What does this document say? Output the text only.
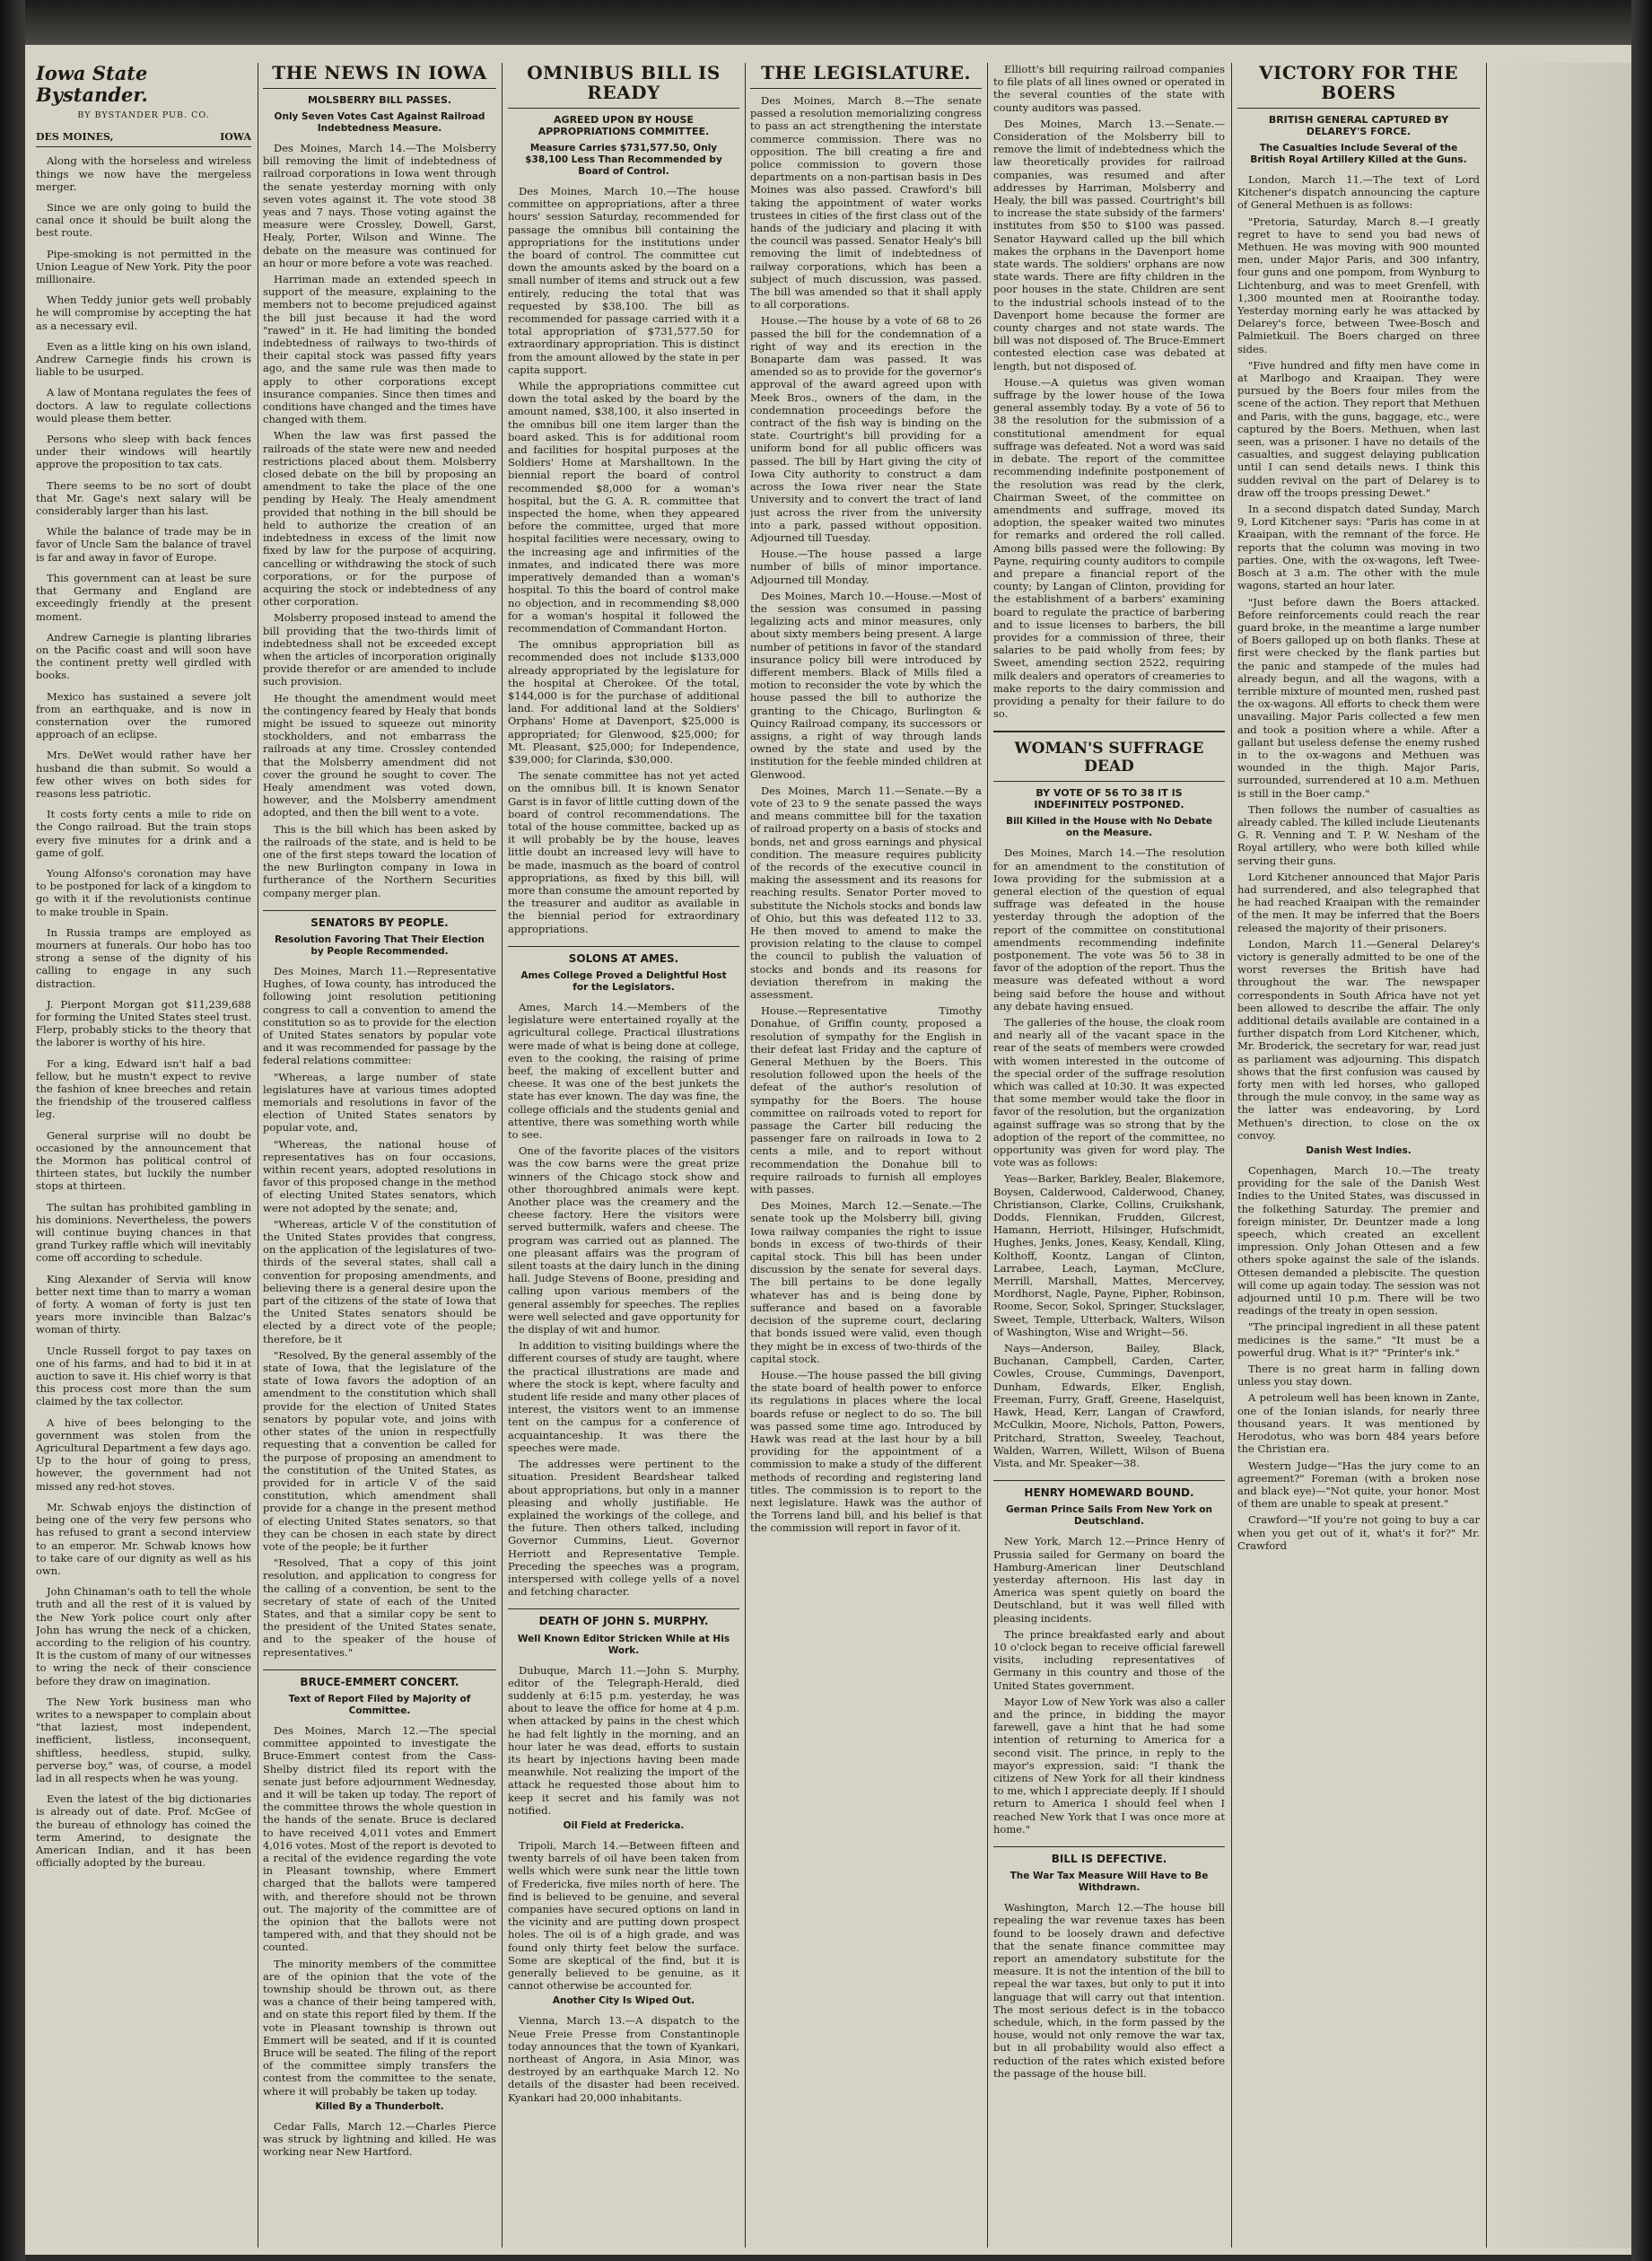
Iowa State Bystander.
BY BYSTANDER PUB. CO.
DES MOINES,	IOWA

Along with the horseless and wireless things we now have the mergeless merger.

Since we are only going to build the canal once it should be built along the best route.

Pipe-smoking is not permitted in the Union League of New York. Pity the poor millionaire.

When Teddy junior gets well probably he will compromise by accepting the hat as a necessary evil.

Even as a little king on his own island, Andrew Carnegie finds his crown is liable to be usurped.

A law of Montana regulates the fees of doctors. A law to regulate collections would please them better.

Persons who sleep with back fences under their windows will heartily approve the proposition to tax cats.

There seems to be no sort of doubt that Mr. Gage's next salary will be considerably larger than his last.

While the balance of trade may be in favor of Uncle Sam the balance of travel is far and away in favor of Europe.

This government can at least be sure that Germany and England are exceedingly friendly at the present moment.

Andrew Carnegie is planting libraries on the Pacific coast and will soon have the continent pretty well girdled with books.

Mexico has sustained a severe jolt from an earthquake, and is now in consternation over the rumored approach of an eclipse.

Mrs. DeWet would rather have her husband die than submit. So would a few other wives on both sides for reasons less patriotic.

It costs forty cents a mile to ride on the Congo railroad. But the train stops every five minutes for a drink and a game of golf.

Young Alfonso's coronation may have to be postponed for lack of a kingdom to go with it if the revolutionists continue to make trouble in Spain.

In Russia tramps are employed as mourners at funerals. Our hobo has too strong a sense of the dignity of his calling to engage in any such distraction.

J. Pierpont Morgan got $11,239,688 for forming the United States steel trust. Flerp, probably sticks to the theory that the laborer is worthy of his hire.

For a king, Edward isn't half a bad fellow, but he mustn't expect to revive the fashion of knee breeches and retain the friendship of the trousered calfless leg.

General surprise will no doubt be occasioned by the announcement that the Mormon has political control of thirteen states, but luckily the number stops at thirteen.

The sultan has prohibited gambling in his dominions. Nevertheless, the powers will continue buying chances in that grand Turkey raffle which will inevitably come off according to schedule.

King Alexander of Servia will know better next time than to marry a woman of forty. A woman of forty is just ten years more invincible than Balzac's woman of thirty.

Uncle Russell forgot to pay taxes on one of his farms, and had to bid it in at auction to save it. His chief worry is that this process cost more than the sum claimed by the tax collector.

A hive of bees belonging to the government was stolen from the Agricultural Department a few days ago. Up to the hour of going to press, however, the government had not missed any red-hot stoves.

Mr. Schwab enjoys the distinction of being one of the very few persons who has refused to grant a second interview to an emperor. Mr. Schwab knows how to take care of our dignity as well as his own.

John Chinaman's oath to tell the whole truth and all the rest of it is valued by the New York police court only after John has wrung the neck of a chicken, according to the religion of his country. It is the custom of many of our witnesses to wring the neck of their conscience before they draw on imagination.

The New York business man who writes to a newspaper to complain about "that laziest, most independent, inefficient, listless, inconsequent, shiftless, heedless, stupid, sulky, perverse boy," was, of course, a model lad in all respects when he was young.

Even the latest of the big dictionaries is already out of date. Prof. McGee of the bureau of ethnology has coined the term Amerind, to designate the American Indian, and it has been officially adopted by the bureau.

THE NEWS IN IOWA
MOLSBERRY BILL PASSES.
Only Seven Votes Cast Against Railroad Indebtedness Measure.

Des Moines, March 14.—The Molsberry bill removing the limit of indebtedness of railroad corporations in Iowa went through the senate yesterday morning with only seven votes against it. The vote stood 38 yeas and 7 nays. Those voting against the measure were Crossley, Dowell, Garst, Healy, Porter, Wilson and Winne. The debate on the measure was continued for an hour or more before a vote was reached.

Harriman made an extended speech in support of the measure, explaining to the members not to become prejudiced against the bill just because it had the word "rawed" in it. He had limiting the bonded indebtedness of railways to two-thirds of their capital stock was passed fifty years ago, and the same rule was then made to apply to other corporations except insurance companies. Since then times and conditions have changed and the times have changed with them.

When the law was first passed the railroads of the state were new and needed restrictions placed about them. Molsberry closed debate on the bill by proposing an amendment to take the place of the one pending by Healy. The Healy amendment provided that nothing in the bill should be held to authorize the creation of an indebtedness in excess of the limit now fixed by law for the purpose of acquiring, cancelling or withdrawing the stock of such corporations, or for the purpose of acquiring the stock or indebtedness of any other corporation.

Molsberry proposed instead to amend the bill providing that the two-thirds limit of indebtedness shall not be exceeded except when the articles of incorporation originally provide therefor or are amended to include such provision.

He thought the amendment would meet the contingency feared by Healy that bonds might be issued to squeeze out minority stockholders, and not embarrass the railroads at any time. Crossley contended that the Molsberry amendment did not cover the ground he sought to cover. The Healy amendment was voted down, however, and the Molsberry amendment adopted, and then the bill went to a vote.

This is the bill which has been asked by the railroads of the state, and is held to be one of the first steps toward the location of the new Burlington company in Iowa in furtherance of the Northern Securities company merger plan.

SENATORS BY PEOPLE.
Resolution Favoring That Their Election by People Recommended.

Des Moines, March 11.—Representative Hughes, of Iowa county, has introduced the following joint resolution petitioning congress to call a convention to amend the constitution so as to provide for the election of United States senators by popular vote and it was recommended for passage by the federal relations committee:

"Whereas, a large number of state legislatures have at various times adopted memorials and resolutions in favor of the election of United States senators by popular vote, and,

"Whereas, the national house of representatives has on four occasions, within recent years, adopted resolutions in favor of this proposed change in the method of electing United States senators, which were not adopted by the senate; and,

"Whereas, article V of the constitution of the United States provides that congress, on the application of the legislatures of two-thirds of the several states, shall call a convention for proposing amendments, and believing there is a general desire upon the part of the citizens of the state of Iowa that the United States senators should be elected by a direct vote of the people; therefore, be it

"Resolved, By the general assembly of the state of Iowa, that the legislature of the state of Iowa favors the adoption of an amendment to the constitution which shall provide for the election of United States senators by popular vote, and joins with other states of the union in respectfully requesting that a convention be called for the purpose of proposing an amendment to the constitution of the United States, as provided for in article V of the said constitution, which amendment shall provide for a change in the present method of electing United States senators, so that they can be chosen in each state by direct vote of the people; be it further

"Resolved, That a copy of this joint resolution, and application to congress for the calling of a convention, be sent to the secretary of state of each of the United States, and that a similar copy be sent to the president of the United States senate, and to the speaker of the house of representatives."

BRUCE-EMMERT CONCERT.
Text of Report Filed by Majority of Committee.

Des Moines, March 12.—The special committee appointed to investigate the Bruce-Emmert contest from the Cass-Shelby district filed its report with the senate just before adjournment Wednesday, and it will be taken up today. The report of the committee throws the whole question in the hands of the senate. Bruce is declared to have received 4,011 votes and Emmert 4,016 votes. Most of the report is devoted to a recital of the evidence regarding the vote in Pleasant township, where Emmert charged that the ballots were tampered with, and therefore should not be thrown out. The majority of the committee are of the opinion that the ballots were not tampered with, and that they should not be counted.

The minority members of the committee are of the opinion that the vote of the township should be thrown out, as there was a chance of their being tampered with, and on state this report filed by them. If the vote in Pleasant township is thrown out Emmert will be seated, and if it is counted Bruce will be seated. The filing of the report of the committee simply transfers the contest from the committee to the senate, where it will probably be taken up today.

Killed By a Thunderbolt.

Cedar Falls, March 12.—Charles Pierce was struck by lightning and killed. He was working near New Hartford.

OMNIBUS BILL IS READY
AGREED UPON BY HOUSE APPROPRIATIONS COMMITTEE.
Measure Carries $731,577.50, Only $38,100 Less Than Recommended by Board of Control.

Des Moines, March 10.—The house committee on appropriations, after a three hours' session Saturday, recommended for passage the omnibus bill containing the appropriations for the institutions under the board of control. The committee cut down the amounts asked by the board on a small number of items and struck out a few entirely, reducing the total that was requested by $38,100. The bill as recommended for passage carried with it a total appropriation of $731,577.50 for extraordinary appropriation. This is distinct from the amount allowed by the state in per capita support.

While the appropriations committee cut down the total asked by the board by the amount named, $38,100, it also inserted in the omnibus bill one item larger than the board asked. This is for additional room and facilities for hospital purposes at the Soldiers' Home at Marshalltown. In the biennial report the board of control recommended $8,000 for a woman's hospital, but the G. A. R. committee that inspected the home, when they appeared before the committee, urged that more hospital facilities were necessary, owing to the increasing age and infirmities of the inmates, and indicated there was more imperatively demanded than a woman's hospital. To this the board of control make no objection, and in recommending $8,000 for a woman's hospital it followed the recommendation of Commandant Horton.

The omnibus appropriation bill as recommended does not include $133,000 already appropriated by the legislature for the hospital at Cherokee. Of the total, $144,000 is for the purchase of additional land. For additional land at the Soldiers' Orphans' Home at Davenport, $25,000 is appropriated; for Glenwood, $25,000; for Mt. Pleasant, $25,000; for Independence, $39,000; for Clarinda, $30,000.

The senate committee has not yet acted on the omnibus bill. It is known Senator Garst is in favor of little cutting down of the board of control recommendations. The total of the house committee, backed up as it will probably be by the house, leaves little doubt an increased levy will have to be made, inasmuch as the board of control appropriations, as fixed by this bill, will more than consume the amount reported by the treasurer and auditor as available in the biennial period for extraordinary appropriations.

SOLONS AT AMES.
Ames College Proved a Delightful Host for the Legislators.

Ames, March 14.—Members of the legislature were entertained royally at the agricultural college. Practical illustrations were made of what is being done at college, even to the cooking, the raising of prime beef, the making of excellent butter and cheese. It was one of the best junkets the state has ever known. The day was fine, the college officials and the students genial and attentive, there was something worth while to see.

One of the favorite places of the visitors was the cow barns were the great prize winners of the Chicago stock show and other thoroughbred animals were kept. Another place was the creamery and the cheese factory. Here the visitors were served buttermilk, wafers and cheese. The program was carried out as planned. The one pleasant affairs was the program of silent toasts at the dairy lunch in the dining hall. Judge Stevens of Boone, presiding and calling upon various members of the general assembly for speeches. The replies were well selected and gave opportunity for the display of wit and humor.

In addition to visiting buildings where the different courses of study are taught, where the practical illustrations are made and where the stock is kept, where faculty and student life reside and many other places of interest, the visitors went to an immense tent on the campus for a conference of acquaintanceship. It was there the speeches were made.

The addresses were pertinent to the situation. President Beardshear talked about appropriations, but only in a manner pleasing and wholly justifiable. He explained the workings of the college, and the future. Then others talked, including Governor Cummins, Lieut. Governor Herriott and Representative Temple. Preceding the speeches was a program, interspersed with college yells of a novel and fetching character.

DEATH OF JOHN S. MURPHY.
Well Known Editor Stricken While at His Work.

Dubuque, March 11.—John S. Murphy, editor of the Telegraph-Herald, died suddenly at 6:15 p.m. yesterday, he was about to leave the office for home at 4 p.m. when attacked by pains in the chest which he had felt lightly in the morning, and an hour later he was dead, efforts to sustain its heart by injections having been made meanwhile. Not realizing the import of the attack he requested those about him to keep it secret and his family was not notified.

Oil Field at Fredericka.

Tripoli, March 14.—Between fifteen and twenty barrels of oil have been taken from wells which were sunk near the little town of Fredericka, five miles north of here. The find is believed to be genuine, and several companies have secured options on land in the vicinity and are putting down prospect holes. The oil is of a high grade, and was found only thirty feet below the surface. Some are skeptical of the find, but it is generally believed to be genuine, as it cannot otherwise be accounted for.

Another City Is Wiped Out.

Vienna, March 13.—A dispatch to the Neue Freie Presse from Constantinople today announces that the town of Kyankari, northeast of Angora, in Asia Minor, was destroyed by an earthquake March 12. No details of the disaster had been received. Kyankari had 20,000 inhabitants.

THE LEGISLATURE.

Des Moines, March 8.—The senate passed a resolution memorializing congress to pass an act strengthening the interstate commerce commission. There was no opposition. The bill creating a fire and police commission to govern those departments on a non-partisan basis in Des Moines was also passed. Crawford's bill taking the appointment of water works trustees in cities of the first class out of the hands of the judiciary and placing it with the council was passed. Senator Healy's bill removing the limit of indebtedness of railway corporations, which has been a subject of much discussion, was passed. The bill was amended so that it shall apply to all corporations.

House.—The house by a vote of 68 to 26 passed the bill for the condemnation of a right of way and its erection in the Bonaparte dam was passed. It was amended so as to provide for the governor's approval of the award agreed upon with Meek Bros., owners of the dam, in the condemnation proceedings before the contract of the fish way is binding on the state. Courtright's bill providing for a uniform bond for all public officers was passed. The bill by Hart giving the city of Iowa City authority to construct a dam across the Iowa river near the State University and to convert the tract of land just across the river from the university into a park, passed without opposition. Adjourned till Tuesday.

House.—The house passed a large number of bills of minor importance. Adjourned till Monday.

Des Moines, March 10.—House.—Most of the session was consumed in passing legalizing acts and minor measures, only about sixty members being present. A large number of petitions in favor of the standard insurance policy bill were introduced by different members. Black of Mills filed a motion to reconsider the vote by which the house passed the bill to authorize the granting to the Chicago, Burlington & Quincy Railroad company, its successors or assigns, a right of way through lands owned by the state and used by the institution for the feeble minded children at Glenwood.

Des Moines, March 11.—Senate.—By a vote of 23 to 9 the senate passed the ways and means committee bill for the taxation of railroad property on a basis of stocks and bonds, net and gross earnings and physical condition. The measure requires publicity of the records of the executive council in making the assessment and its reasons for reaching results. Senator Porter moved to substitute the Nichols stocks and bonds law of Ohio, but this was defeated 112 to 33. He then moved to amend to make the provision relating to the clause to compel the council to publish the valuation of stocks and bonds and its reasons for deviation therefrom in making the assessment.

House.—Representative Timothy Donahue, of Griffin county, proposed a resolution of sympathy for the English in their defeat last Friday and the capture of General Methuen by the Boers. This resolution followed upon the heels of the defeat of the author's resolution of sympathy for the Boers. The house committee on railroads voted to report for passage the Carter bill reducing the passenger fare on railroads in Iowa to 2 cents a mile, and to report without recommendation the Donahue bill to require railroads to furnish all employes with passes.

Des Moines, March 12.—Senate.—The senate took up the Molsberry bill, giving Iowa railway companies the right to issue bonds in excess of two-thirds of their capital stock. This bill has been under discussion by the senate for several days. The bill pertains to be done legally whatever has and is being done by sufferance and based on a favorable decision of the supreme court, declaring that bonds issued were valid, even though they might be in excess of two-thirds of the capital stock.

House.—The house passed the bill giving the state board of health power to enforce its regulations in places where the local boards refuse or neglect to do so. The bill was passed some time ago. Introduced by Hawk was read at the last hour by a bill providing for the appointment of a commission to make a study of the different methods of recording and registering land titles. The commission is to report to the next legislature. Hawk was the author of the Torrens land bill, and his belief is that the commission will report in favor of it.

Elliott's bill requiring railroad companies to file plats of all lines owned or operated in the several counties of the state with county auditors was passed.

Des Moines, March 13.—Senate.—Consideration of the Molsberry bill to remove the limit of indebtedness which the law theoretically provides for railroad companies, was resumed and after addresses by Harriman, Molsberry and Healy, the bill was passed. Courtright's bill to increase the state subsidy of the farmers' institutes from $50 to $100 was passed. Senator Hayward called up the bill which makes the orphans in the Davenport home state wards. The soldiers' orphans are now state wards. There are fifty children in the poor houses in the state. Children are sent to the industrial schools instead of to the Davenport home because the former are county charges and not state wards. The bill was not disposed of. The Bruce-Emmert contested election case was debated at length, but not disposed of.

House.—A quietus was given woman suffrage by the lower house of the Iowa general assembly today. By a vote of 56 to 38 the resolution for the submission of a constitutional amendment for equal suffrage was defeated. Not a word was said in debate. The report of the committee recommending indefinite postponement of the resolution was read by the clerk, Chairman Sweet, of the committee on amendments and suffrage, moved its adoption, the speaker waited two minutes for remarks and ordered the roll called. Among bills passed were the following: By Payne, requiring county auditors to compile and prepare a financial report of the county; by Langan of Clinton, providing for the establishment of a barbers' examining board to regulate the practice of barbering and to issue licenses to barbers, the bill provides for a commission of three, their salaries to be paid wholly from fees; by Sweet, amending section 2522, requiring milk dealers and operators of creameries to make reports to the dairy commission and providing a penalty for their failure to do so.

WOMAN'S SUFFRAGE DEAD
BY VOTE OF 56 TO 38 IT IS INDEFINITELY POSTPONED.
Bill Killed in the House with No Debate on the Measure.

Des Moines, March 14.—The resolution for an amendment to the constitution of Iowa providing for the submission at a general election of the question of equal suffrage was defeated in the house yesterday through the adoption of the report of the committee on constitutional amendments recommending indefinite postponement. The vote was 56 to 38 in favor of the adoption of the report. Thus the measure was defeated without a word being said before the house and without any debate having ensued.

The galleries of the house, the cloak room and nearly all of the vacant space in the rear of the seats of members were crowded with women interested in the outcome of the special order of the suffrage resolution which was called at 10:30. It was expected that some member would take the floor in favor of the resolution, but the organization against suffrage was so strong that by the adoption of the report of the committee, no opportunity was given for word play. The vote was as follows:

Yeas—Barker, Barkley, Bealer, Blakemore, Boysen, Calderwood, Calderwood, Chaney, Christianson, Clarke, Collins, Cruikshank, Dodds, Flennikan, Frudden, Gilcrest, Hamann, Herriott, Hilsinger, Hufschmidt, Hughes, Jenks, Jones, Keasy, Kendall, Kling, Kolthoff, Koontz, Langan of Clinton, Larrabee, Leach, Layman, McClure, Merrill, Marshall, Mattes, Mercervey, Mordhorst, Nagle, Payne, Pipher, Robinson, Roome, Secor, Sokol, Springer, Stuckslager, Sweet, Temple, Utterback, Walters, Wilson of Washington, Wise and Wright—56.

Nays—Anderson, Bailey, Black, Buchanan, Campbell, Carden, Carter, Cowles, Crouse, Cummings, Davenport, Dunham, Edwards, Elker, English, Freeman, Furry, Graff, Greene, Haselquist, Hawk, Head, Kerr, Langan of Crawford, McCulkin, Moore, Nichols, Patton, Powers, Pritchard, Stratton, Sweeley, Teachout, Walden, Warren, Willett, Wilson of Buena Vista, and Mr. Speaker—38.

HENRY HOMEWARD BOUND.
German Prince Sails From New York on Deutschland.

New York, March 12.—Prince Henry of Prussia sailed for Germany on board the Hamburg-American liner Deutschland yesterday afternoon. His last day in America was spent quietly on board the Deutschland, but it was well filled with pleasing incidents.

The prince breakfasted early and about 10 o'clock began to receive official farewell visits, including representatives of Germany in this country and those of the United States government.

Mayor Low of New York was also a caller and the prince, in bidding the mayor farewell, gave a hint that he had some intention of returning to America for a second visit. The prince, in reply to the mayor's expression, said: "I thank the citizens of New York for all their kindness to me, which I appreciate deeply. If I should return to America I should feel when I reached New York that I was once more at home."

BILL IS DEFECTIVE.
The War Tax Measure Will Have to Be Withdrawn.

Washington, March 12.—The house bill repealing the war revenue taxes has been found to be loosely drawn and defective that the senate finance committee may report an amendatory substitute for the measure. It is not the intention of the bill to repeal the war taxes, but only to put it into language that will carry out that intention. The most serious defect is in the tobacco schedule, which, in the form passed by the house, would not only remove the war tax, but in all probability would also effect a reduction of the rates which existed before the passage of the house bill.

VICTORY FOR THE BOERS
BRITISH GENERAL CAPTURED BY DELAREY'S FORCE.
The Casualties Include Several of the British Royal Artillery Killed at the Guns.

London, March 11.—The text of Lord Kitchener's dispatch announcing the capture of General Methuen is as follows:

"Pretoria, Saturday, March 8.—I greatly regret to have to send you bad news of Methuen. He was moving with 900 mounted men, under Major Paris, and 300 infantry, four guns and one pompom, from Wynburg to Lichtenburg, and was to meet Grenfell, with 1,300 mounted men at Rooiranthe today. Yesterday morning early he was attacked by Delarey's force, between Twee-Bosch and Palmietkuil. The Boers charged on three sides.

"Five hundred and fifty men have come in at Marlbogo and Kraaipan. They were pursued by the Boers four miles from the scene of the action. They report that Methuen and Paris, with the guns, baggage, etc., were captured by the Boers. Methuen, when last seen, was a prisoner. I have no details of the casualties, and suggest delaying publication until I can send details news. I think this sudden revival on the part of Delarey is to draw off the troops pressing Dewet."

In a second dispatch dated Sunday, March 9, Lord Kitchener says: "Paris has come in at Kraaipan, with the remnant of the force. He reports that the column was moving in two parties. One, with the ox-wagons, left Twee-Bosch at 3 a.m. The other with the mule wagons, started an hour later.

"Just before dawn the Boers attacked. Before reinforcements could reach the rear guard broke, in the meantime a large number of Boers galloped up on both flanks. These at first were checked by the flank parties but the panic and stampede of the mules had already begun, and all the wagons, with a terrible mixture of mounted men, rushed past the ox-wagons. All efforts to check them were unavailing. Major Paris collected a few men and took a position where a while. After a gallant but useless defense the enemy rushed in to the ox-wagons and Methuen was wounded in the thigh. Major Paris, surrounded, surrendered at 10 a.m. Methuen is still in the Boer camp."

Then follows the number of casualties as already cabled. The killed include Lieutenants G. R. Venning and T. P. W. Nesham of the Royal artillery, who were both killed while serving their guns.

Lord Kitchener announced that Major Paris had surrendered, and also telegraphed that he had reached Kraaipan with the remainder of the men. It may be inferred that the Boers released the majority of their prisoners.

London, March 11.—General Delarey's victory is generally admitted to be one of the worst reverses the British have had throughout the war. The newspaper correspondents in South Africa have not yet been allowed to describe the affair. The only additional details available are contained in a further dispatch from Lord Kitchener, which, Mr. Broderick, the secretary for war, read just as parliament was adjourning. This dispatch shows that the first confusion was caused by forty men with led horses, who galloped through the mule convoy, in the same way as the latter was endeavoring, by Lord Methuen's direction, to close on the ox convoy.

Danish West Indies.

Copenhagen, March 10.—The treaty providing for the sale of the Danish West Indies to the United States, was discussed in the folkething Saturday. The premier and foreign minister, Dr. Deuntzer made a long speech, which created an excellent impression. Only Johan Ottesen and a few others spoke against the sale of the islands. Ottesen demanded a plebiscite. The question will come up again today. The session was not adjourned until 10 p.m. There will be two readings of the treaty in open session.

"The principal ingredient in all these patent medicines is the same." "It must be a powerful drug. What is it?" "Printer's ink."

There is no great harm in falling down unless you stay down.

A petroleum well has been known in Zante, one of the Ionian islands, for nearly three thousand years. It was mentioned by Herodotus, who was born 484 years before the Christian era.

Western Judge—"Has the jury come to an agreement?" Foreman (with a broken nose and black eye)—"Not quite, your honor. Most of them are unable to speak at present."

Crawford—"If you're not going to buy a car when you get out of it, what's it for?" Mr. Crawford
